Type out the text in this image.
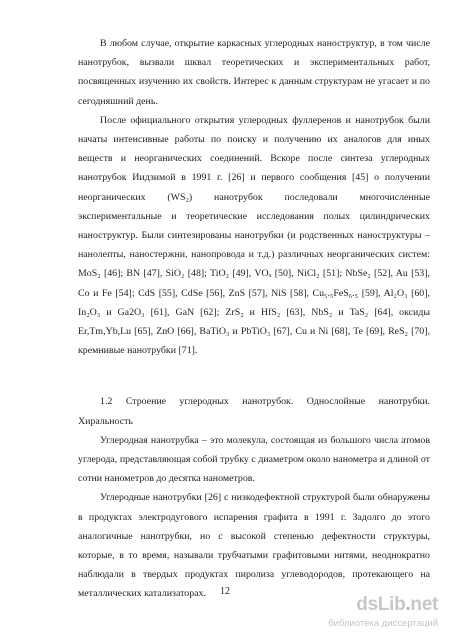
В любом случае, открытие каркасных углеродных наноструктур, в том числе нанотрубок, вызвали шквал теоретических и экспериментальных работ, посвященных изучению их свойств. Интерес к данным структурам не угасает и по сегодняшний день.

После официального открытия углеродных фуллеренов и нанотрубок были начаты интенсивные работы по поиску и получению их аналогов для иных веществ и неорганических соединений. Вскоре после синтеза углеродных нанотрубок Иидзимой в 1991 г. [26] и первого сообщения [45] о получении неорганических (WS₂) нанотрубок последовали многочисленные экспериментальные и теоретические исследования полых цилиндрических наноструктур. Были синтезированы нанотрубки (и родственных наноструктуры – нанолепты, наностержни, нанопровода и т.д.) различных неорганических систем: MoS₂ [46]; BN [47], SiO₂ [48]; TiO₂ [49], VOₓ [50], NiCl₂ [51]; NbSe₂ [52], Au [53], Co и Fe [54]; CdS [55], CdSe [56], ZnS [57], NiS [58], Cu₅.₅FeS₆.₅ [59], Al₂O₃ [60], In₂O₃ и Ga2O₃ [61], GaN [62]; ZrS₂ и HfS₂ [63], NbS₂ и TaS₂ [64], оксиды Er,Tm,Yb,Lu [65], ZnO [66], BaTiO₃ и PbTiO₃ [67], Cu и Ni [68], Te [69], ReS₂ [70], кремнивые нанотрубки [71].

1.2 Строение углеродных нанотрубок. Однослойные нанотрубки. Хиральность

Углеродная нанотрубка – это молекула, состоящая из большого числа атомов углерода, представляющая собой трубку с диаметром около нанометра и длиной от сотни нанометров до десятка нанометров.

Углеродные нанотрубки [26] с низкодефектной структурой были обнаружены в продуктах электродугового испарения графита в 1991 г. Задолго до этого аналогичные нанотрубки, но с высокой степенью дефектности структуры, которые, в то время, называли трубчатыми графитовыми нитями, неоднократно наблюдали в твердых продуктах пиролиза углеводородов, протекающего на металлических катализаторах.	12
dsLib.net
библиотека диссертаций
